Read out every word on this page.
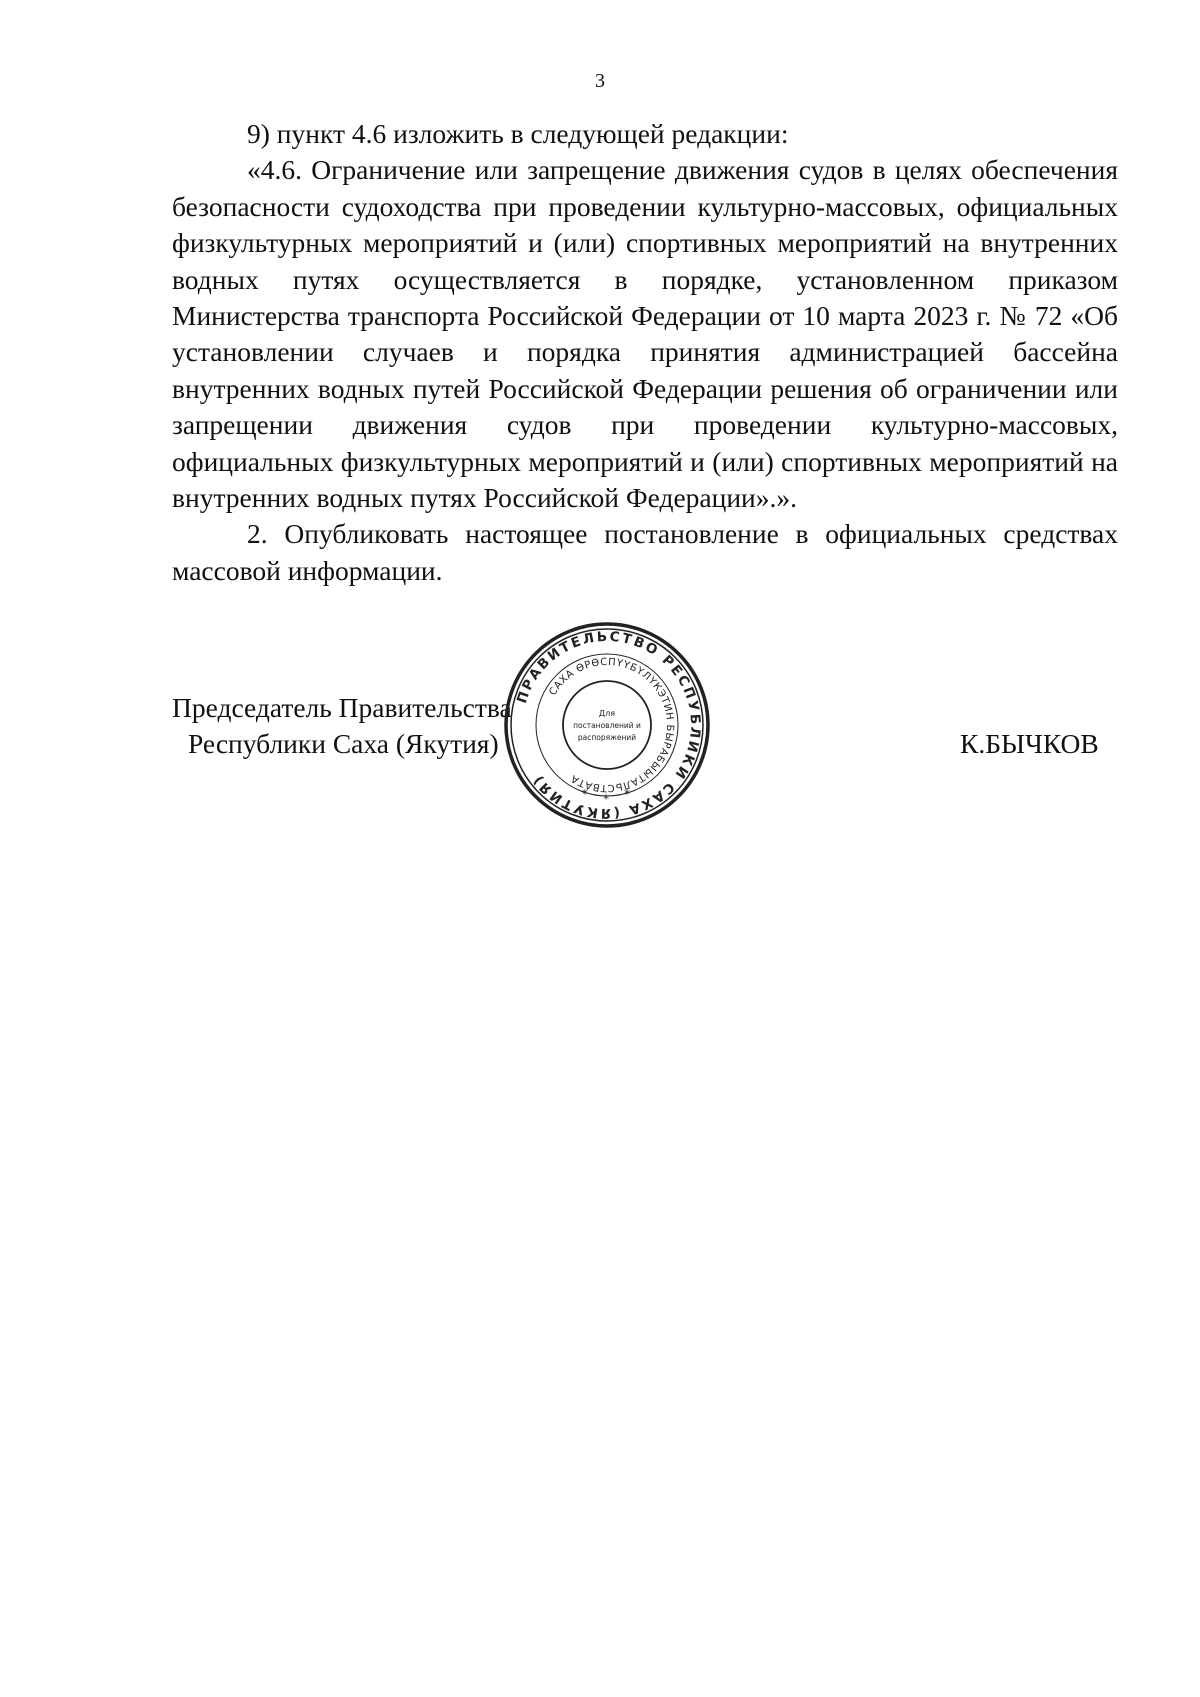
3

9) пункт 4.6 изложить в следующей редакции:

«4.6. Ограничение или запрещение движения судов в целях обеспечения безопасности судоходства при проведении культурно-массовых, официальных физкультурных мероприятий и (или) спортивных мероприятий на внутренних водных путях осуществляется в порядке, установленном приказом Министерства транспорта Российской Федерации от 10 марта 2023 г. № 72 «Об установлении случаев и порядка принятия администрацией бассейна внутренних водных путей Российской Федерации решения об ограничении или запрещении движения судов при проведении культурно-массовых, официальных физкультурных мероприятий и (или) спортивных мероприятий на внутренних водных путях Российской Федерации».».

2. Опубликовать настоящее постановление в официальных средствах массовой информации.

Председатель Правительства
Республики Саха (Якутия)	К.БЫЧКОВ
ПРАВИТЕЛЬСТВО РЕСПУБЛИКИ САХА (ЯКУТИЯ)
САХА ӨРӨСПҮҮБҮЛҮКЭТИН БЫРАБЫЫТАЛЬСТВАТА
Для
постановлений и
распоряжений
* * *
